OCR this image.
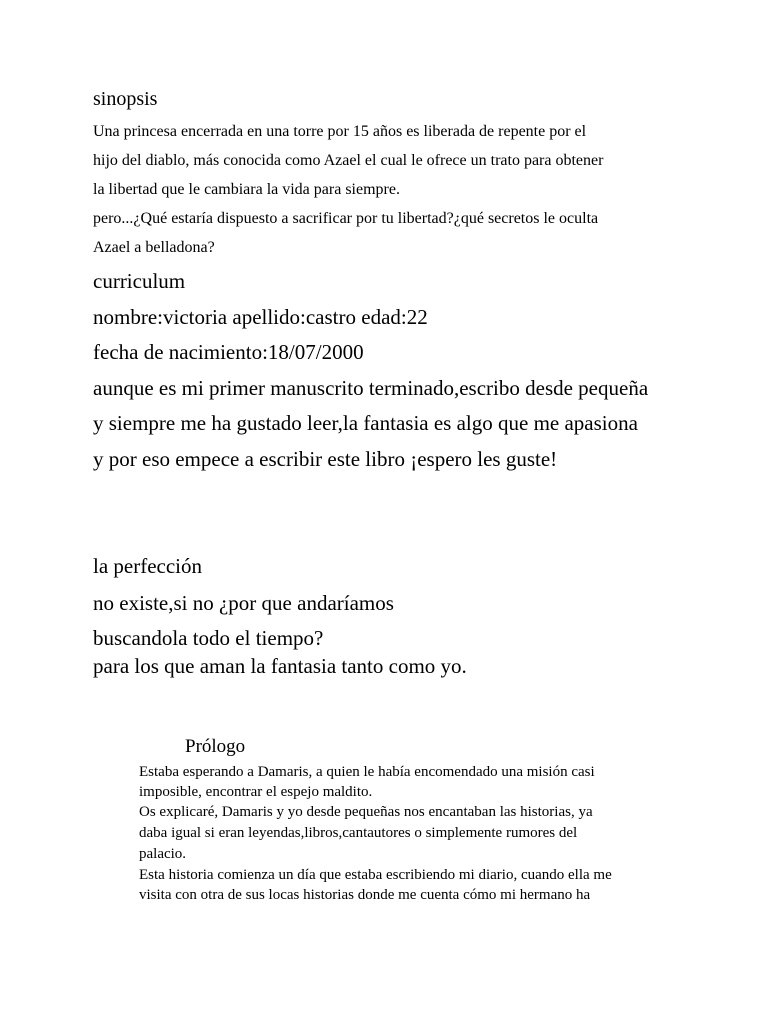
sinopsis

Una princesa encerrada en una torre por 15 años es liberada de repente por el

hijo del diablo, más conocida como Azael el cual le ofrece un trato para obtener

la libertad que le cambiara la vida para siempre.

pero...¿Qué estaría dispuesto a sacrificar por tu libertad?¿qué secretos le oculta

Azael a belladona?

curriculum

nombre:victoria apellido:castro edad:22

fecha de nacimiento:18/07/2000

aunque es mi primer manuscrito terminado,escribo desde pequeña

y siempre me ha gustado leer,la fantasia es algo que me apasiona

y por eso empece a escribir este libro ¡espero les guste!

la perfección

no existe,si no ¿por que andaríamos

buscandola todo el tiempo?

para los que aman la fantasia tanto como yo.

Prólogo

Estaba esperando a Damaris, a quien le había encomendado una misión casi

imposible, encontrar el espejo maldito.

Os explicaré, Damaris y yo desde pequeñas nos encantaban las historias, ya

daba igual si eran leyendas,libros,cantautores o simplemente rumores del

palacio.

Esta historia comienza un día que estaba escribiendo mi diario, cuando ella me

visita con otra de sus locas historias donde me cuenta cómo mi hermano ha
